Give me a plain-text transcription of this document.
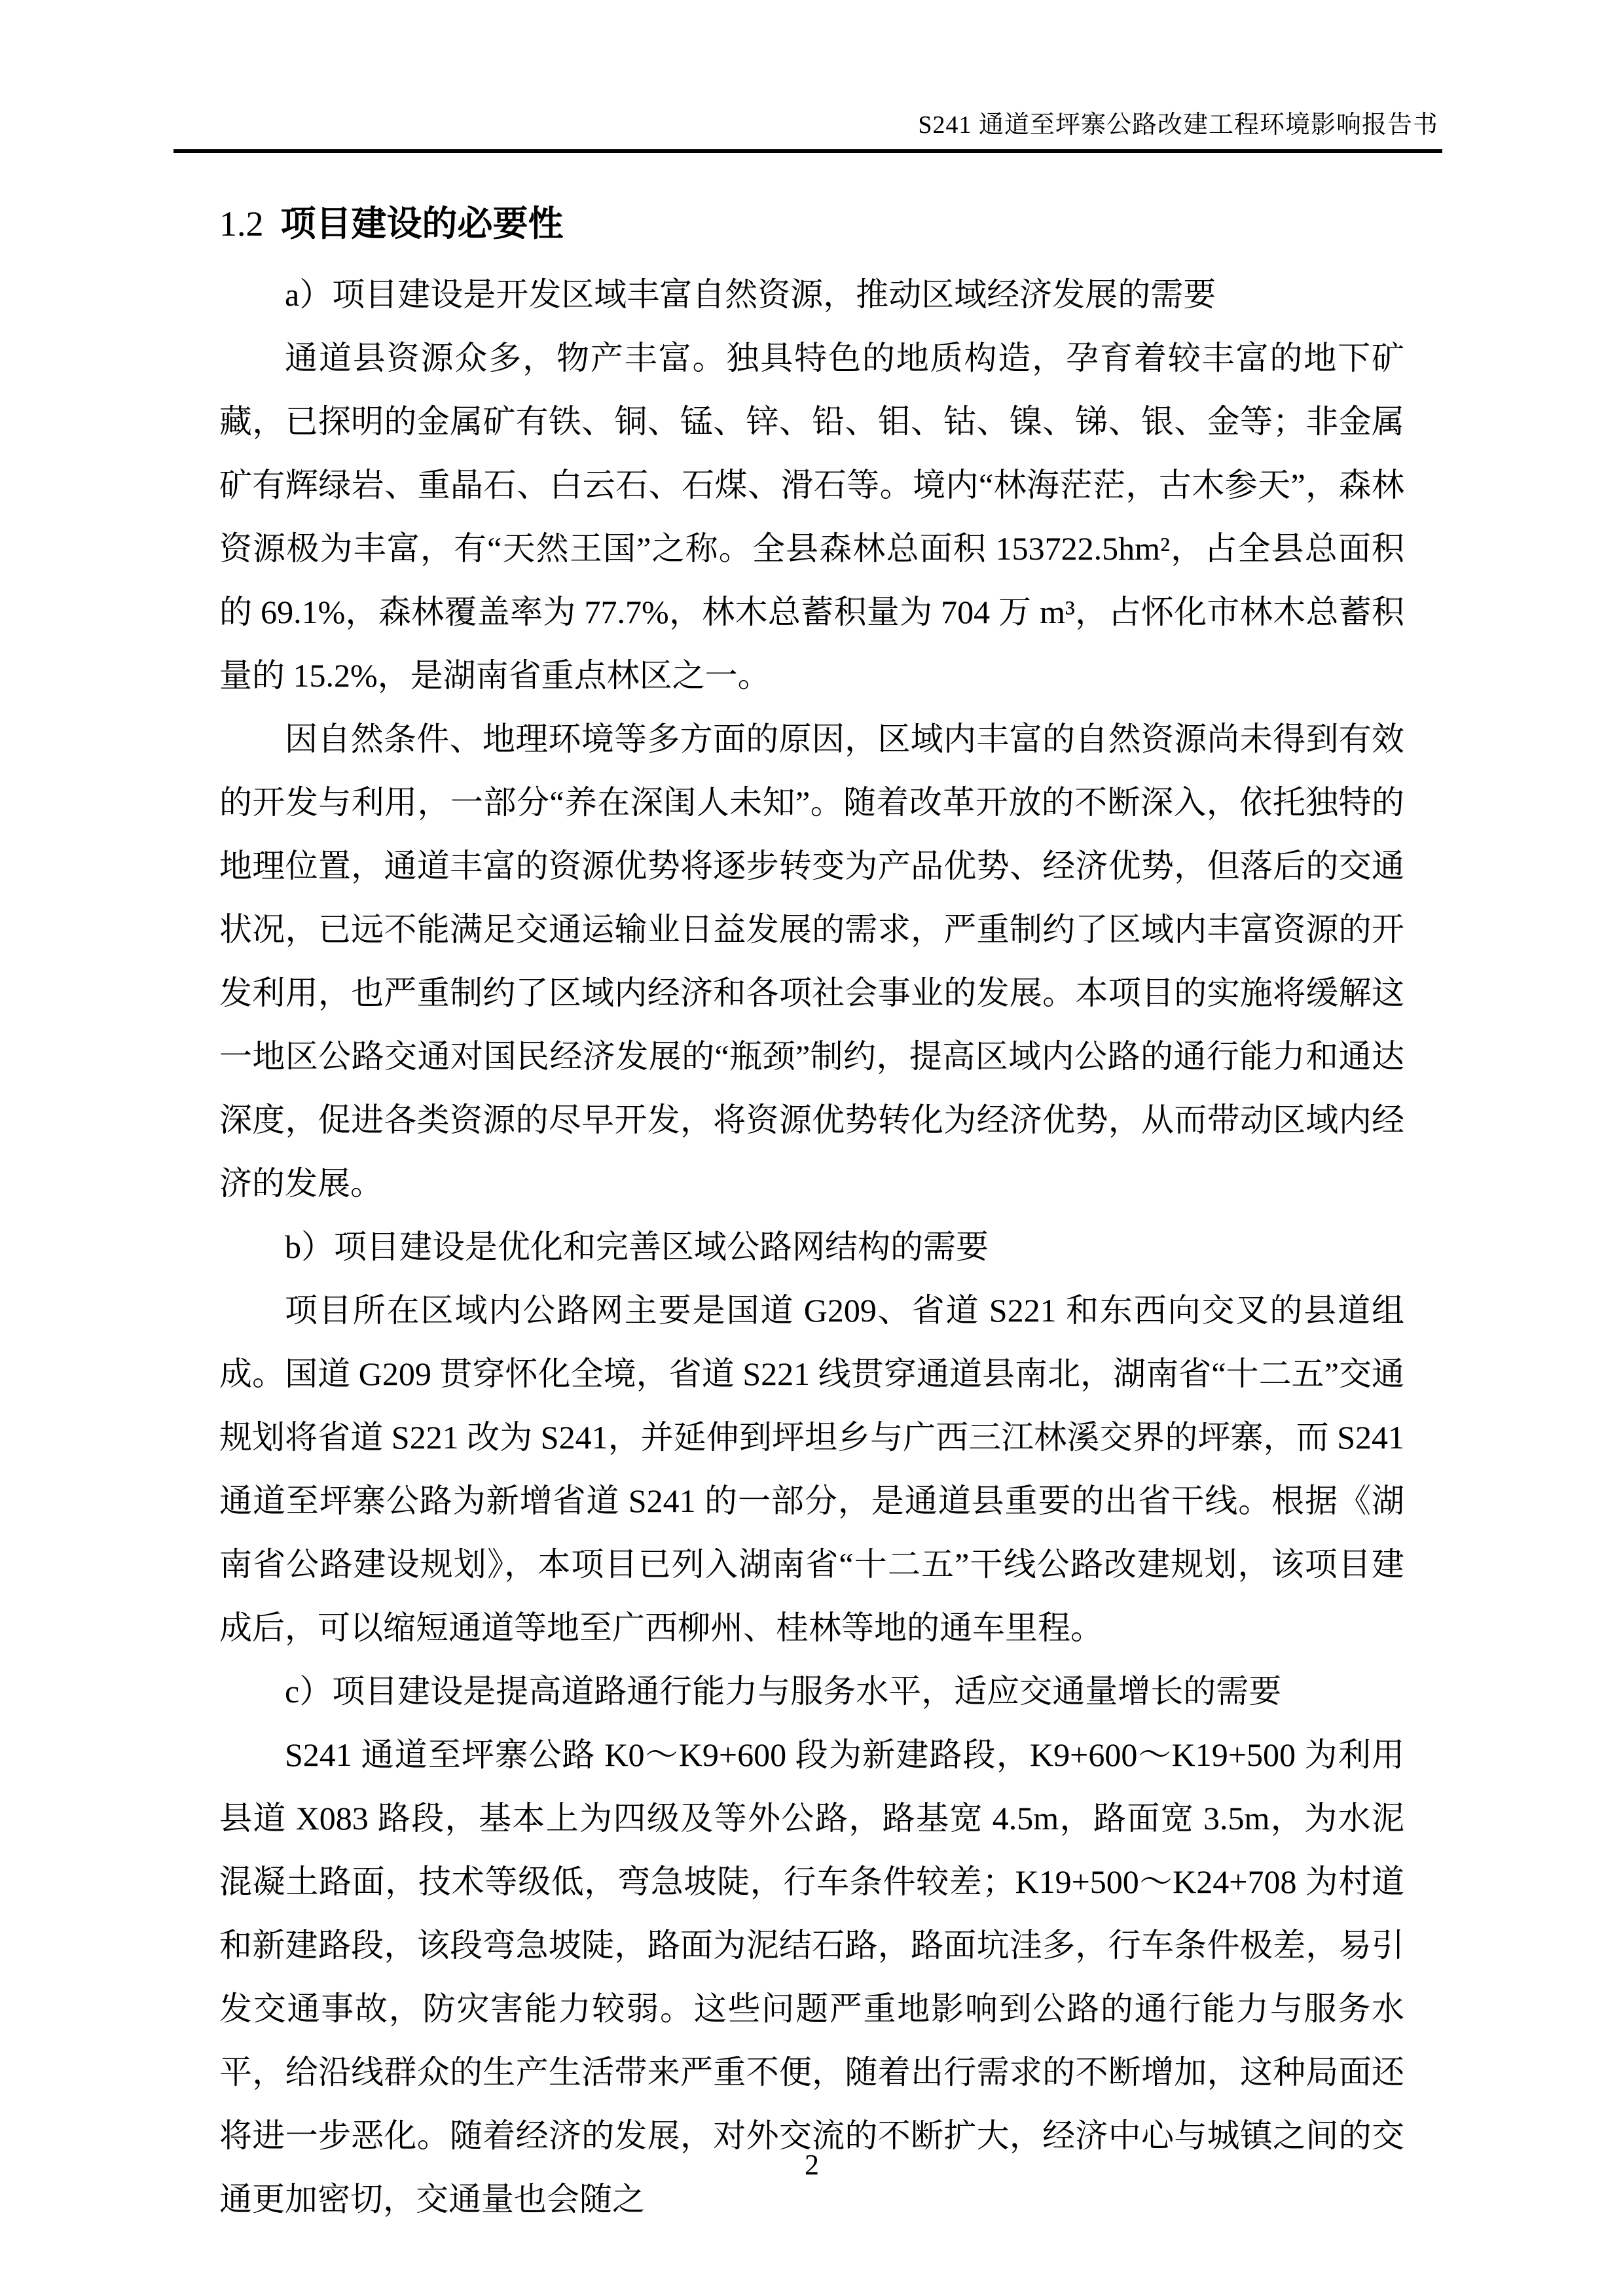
S241 通道至坪寨公路改建工程环境影响报告书
1.2 项目建设的必要性

a）项目建设是开发区域丰富自然资源，推动区域经济发展的需要

通道县资源众多，物产丰富。独具特色的地质构造，孕育着较丰富的地下矿藏，已探明的金属矿有铁、铜、锰、锌、铅、钼、钴、镍、锑、银、金等；非金属矿有辉绿岩、重晶石、白云石、石煤、滑石等。境内“林海茫茫，古木参天”，森林资源极为丰富，有“天然王国”之称。全县森林总面积 153722.5hm²，占全县总面积的 69.1%，森林覆盖率为 77.7%，林木总蓄积量为 704 万 m³，占怀化市林木总蓄积量的 15.2%，是湖南省重点林区之一。

因自然条件、地理环境等多方面的原因，区域内丰富的自然资源尚未得到有效的开发与利用，一部分“养在深闺人未知”。随着改革开放的不断深入，依托独特的地理位置，通道丰富的资源优势将逐步转变为产品优势、经济优势，但落后的交通状况，已远不能满足交通运输业日益发展的需求，严重制约了区域内丰富资源的开发利用，也严重制约了区域内经济和各项社会事业的发展。本项目的实施将缓解这一地区公路交通对国民经济发展的“瓶颈”制约，提高区域内公路的通行能力和通达深度，促进各类资源的尽早开发，将资源优势转化为经济优势，从而带动区域内经济的发展。

b）项目建设是优化和完善区域公路网结构的需要

项目所在区域内公路网主要是国道 G209、省道 S221 和东西向交叉的县道组成。国道 G209 贯穿怀化全境，省道 S221 线贯穿通道县南北，湖南省“十二五”交通规划将省道 S221 改为 S241，并延伸到坪坦乡与广西三江林溪交界的坪寨，而 S241 通道至坪寨公路为新增省道 S241 的一部分，是通道县重要的出省干线。根据《湖南省公路建设规划》，本项目已列入湖南省“十二五”干线公路改建规划，该项目建成后，可以缩短通道等地至广西柳州、桂林等地的通车里程。

c）项目建设是提高道路通行能力与服务水平，适应交通量增长的需要

S241 通道至坪寨公路 K0～K9+600 段为新建路段，K9+600～K19+500 为利用县道 X083 路段，基本上为四级及等外公路，路基宽 4.5m，路面宽 3.5m，为水泥混凝土路面，技术等级低，弯急坡陡，行车条件较差；K19+500～K24+708 为村道和新建路段，该段弯急坡陡，路面为泥结石路，路面坑洼多，行车条件极差，易引发交通事故，防灾害能力较弱。这些问题严重地影响到公路的通行能力与服务水平，给沿线群众的生产生活带来严重不便，随着出行需求的不断增加，这种局面还将进一步恶化。随着经济的发展，对外交流的不断扩大，经济中心与城镇之间的交通更加密切，交通量也会随之

2
